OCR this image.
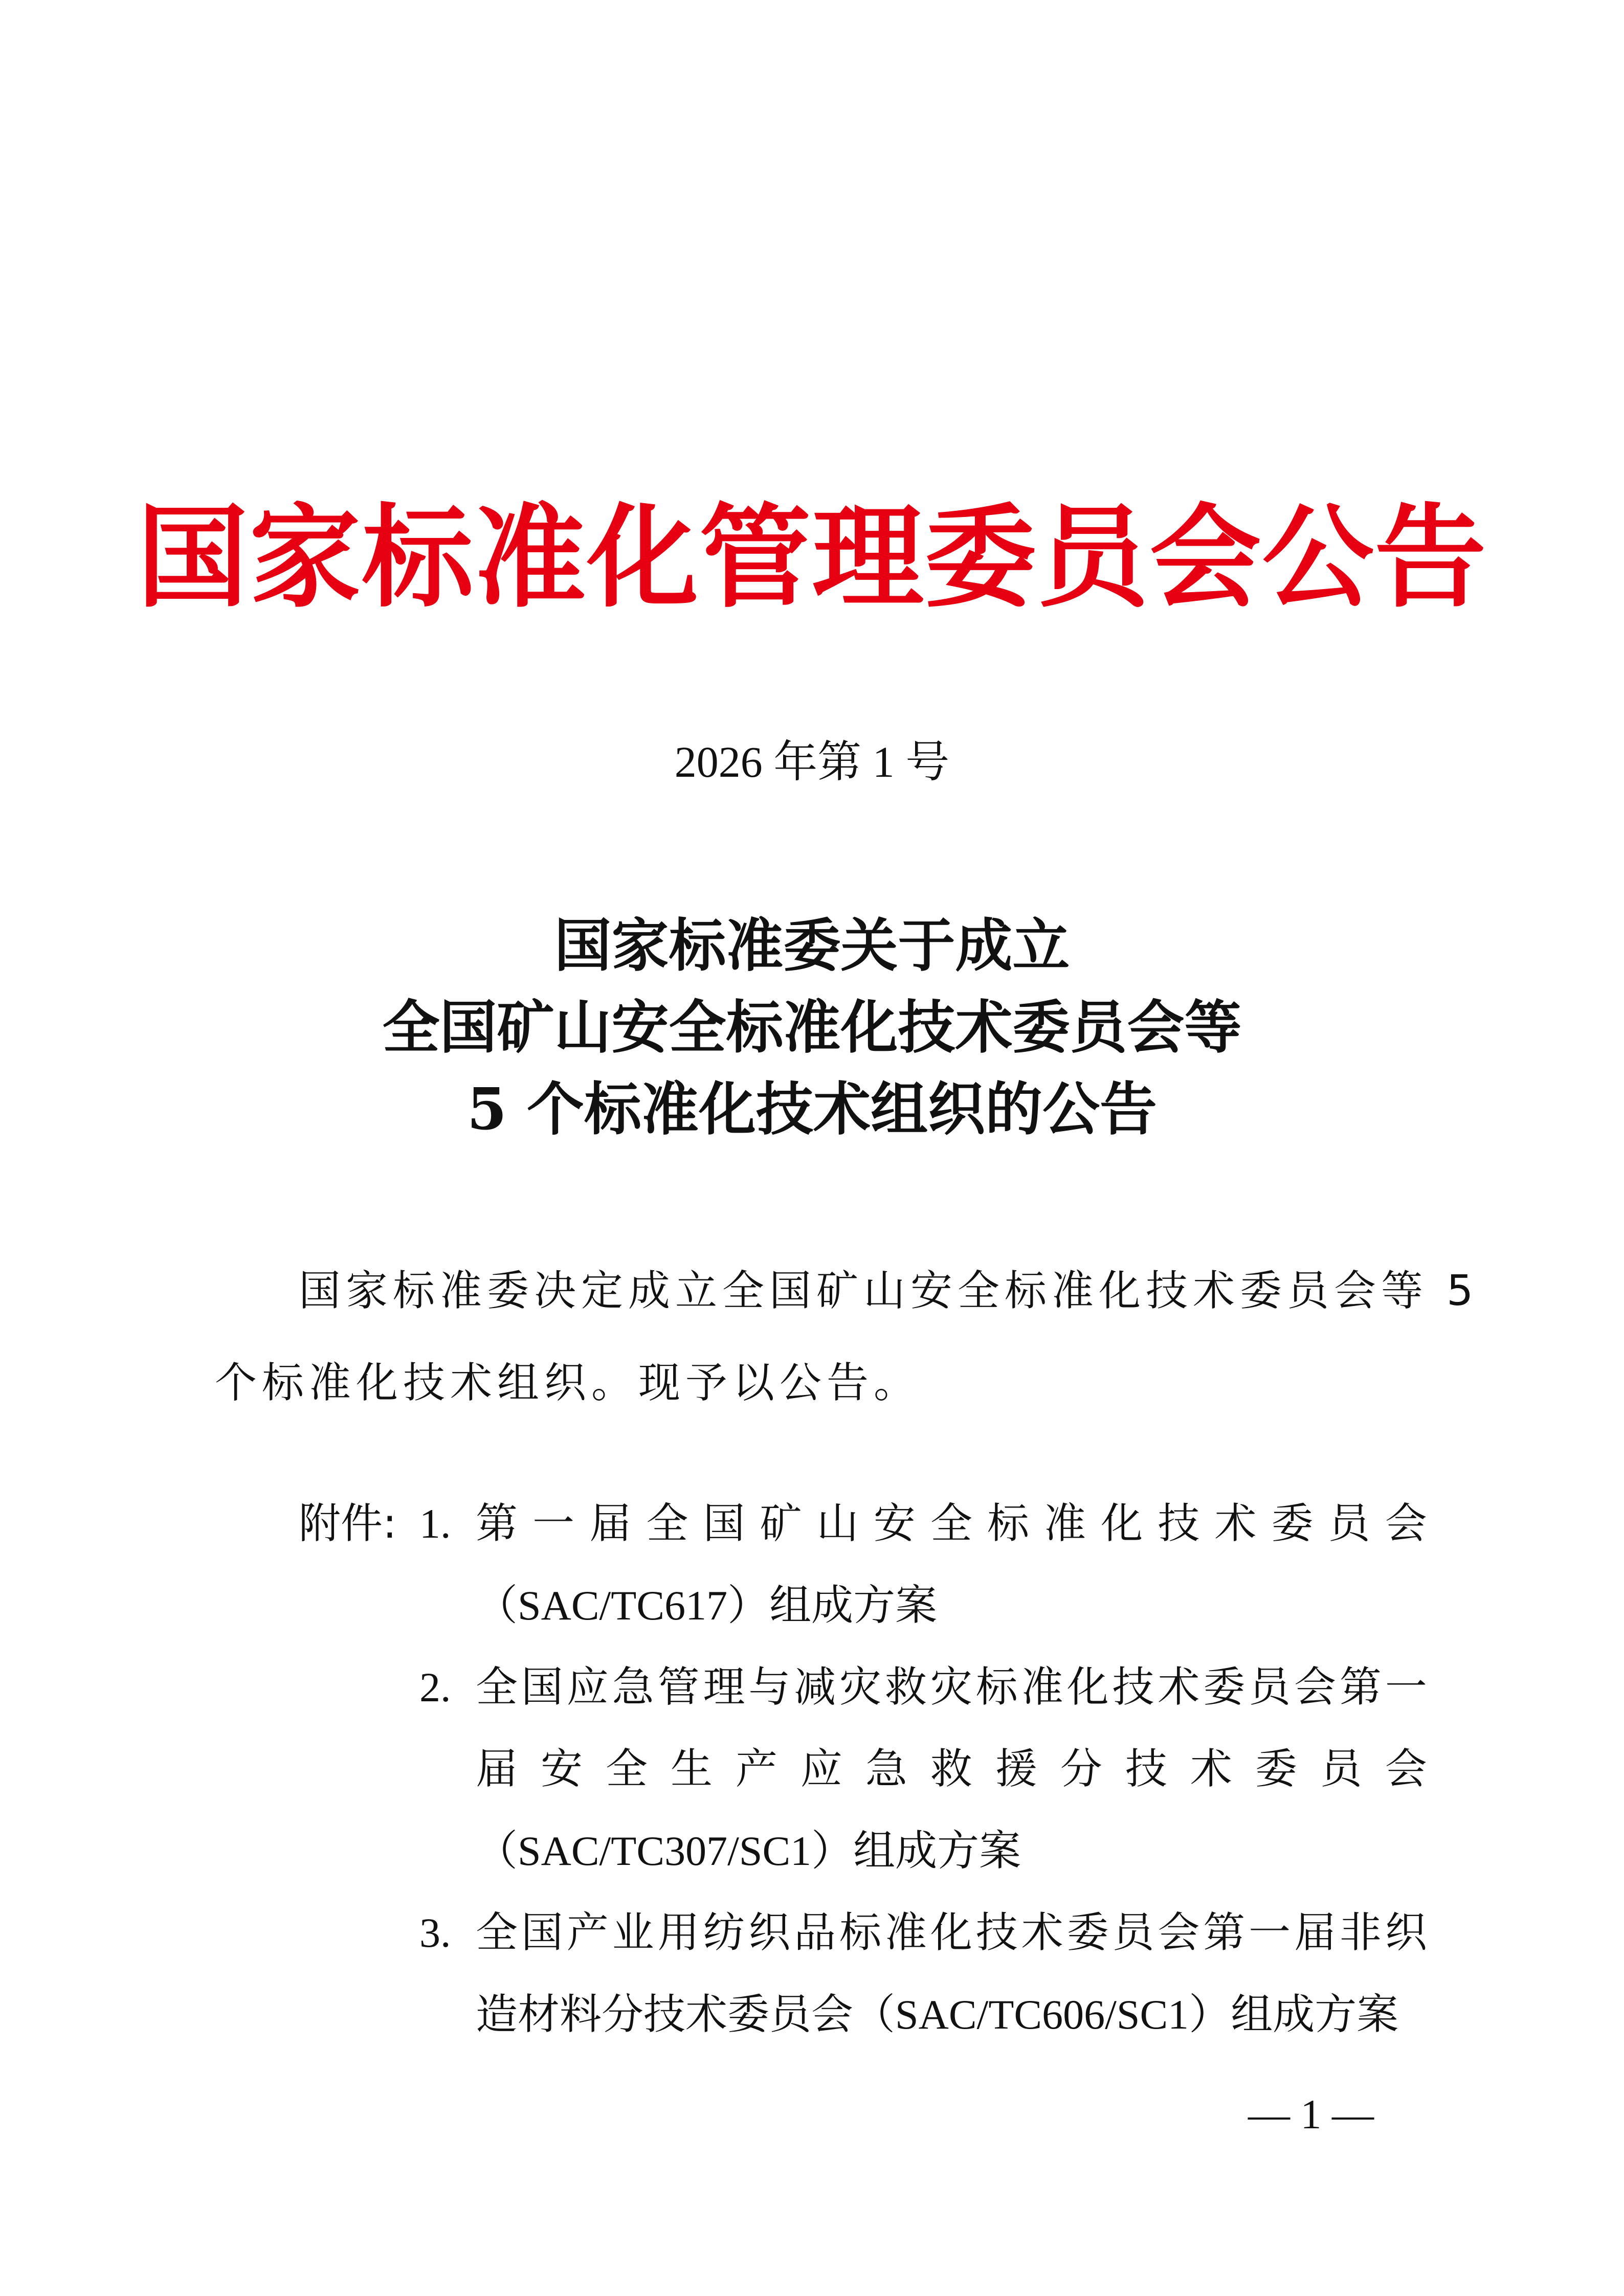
国家标准化管理委员会公告
2026 年第 1 号
国家标准委关于成立
全国矿山安全标准化技术委员会等
5 个标准化技术组织的公告
国家标准委决定成立全国矿山安全标准化技术委员会等 5
个标准化技术组织。现予以公告。
附件: 1. 第 一 届 全 国 矿 山 安 全 标 准 化 技 术 委 员 会
（SAC/TC617）组成方案
2. 全 国 应 急 管 理 与 减 灾 救 灾 标 准 化 技 术 委 员 会 第 一
届 安 全 生 产 应 急 救 援 分 技 术 委 员 会
（SAC/TC307/SC1）组成方案
3. 全 国 产 业 用 纺 织 品 标 准 化 技 术 委 员 会 第 一 届 非 织
造材料分技术委员会（SAC/TC606/SC1）组成方案
— 1 —
